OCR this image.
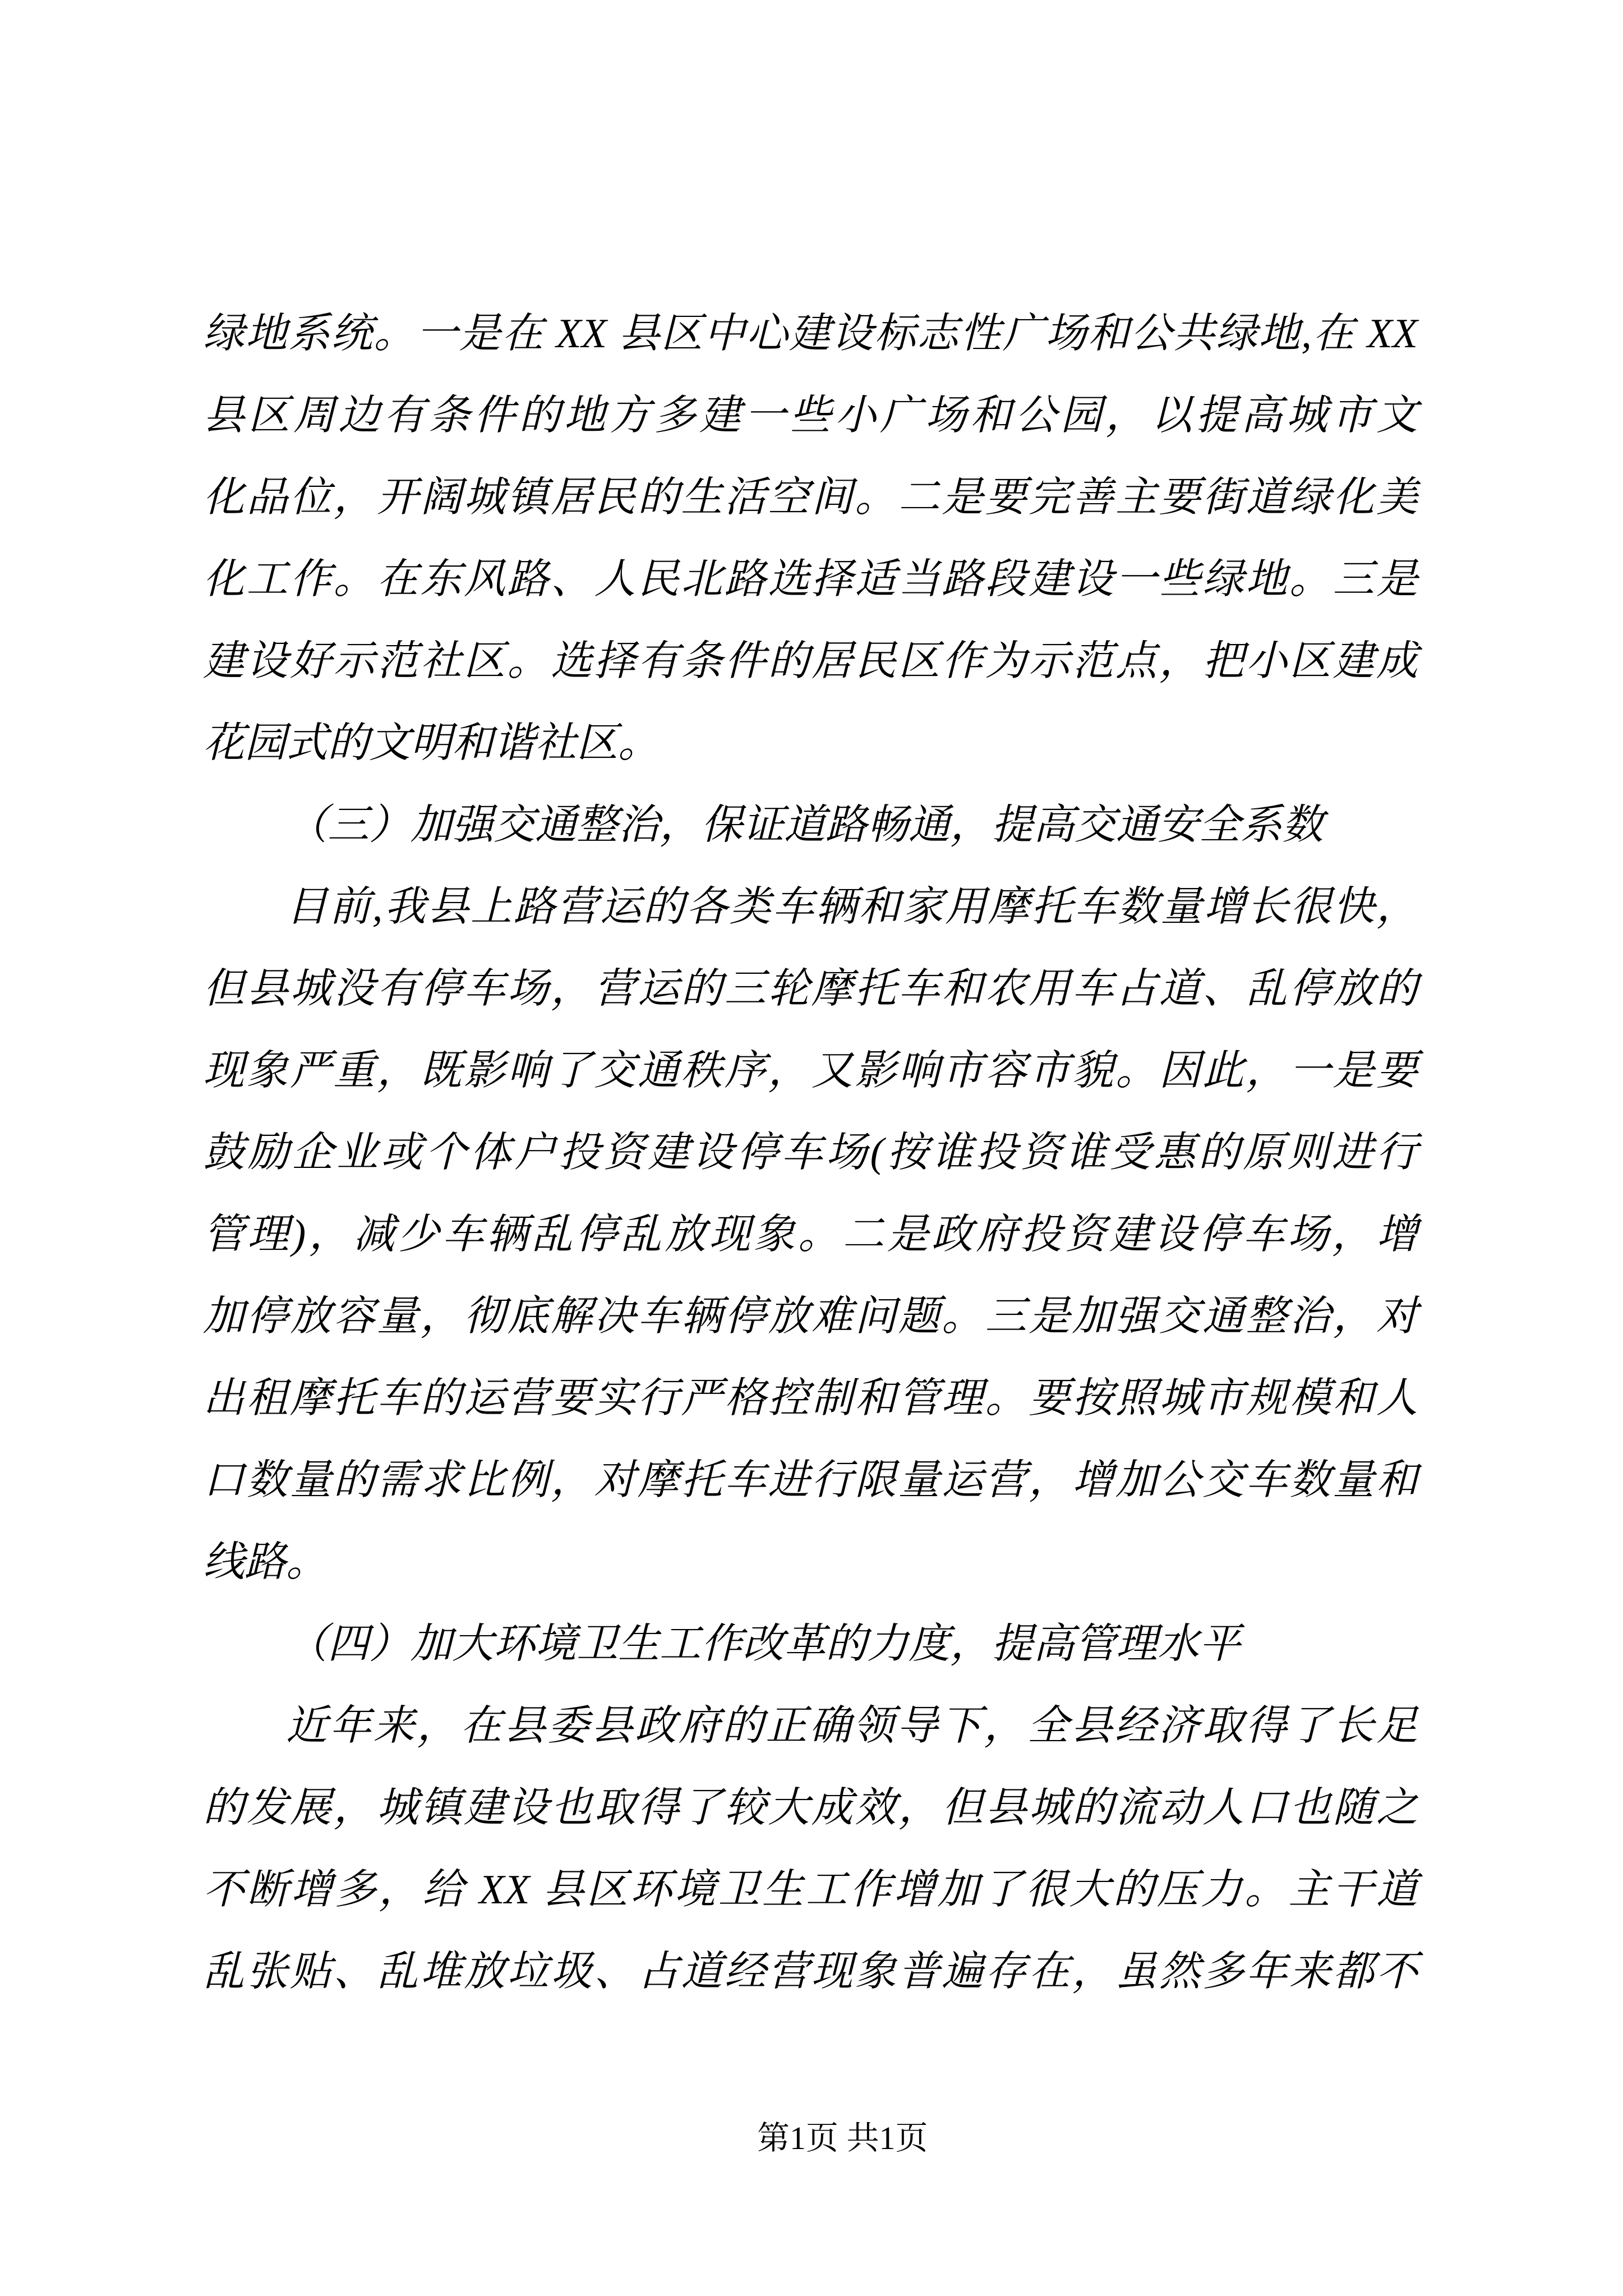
绿地系统。一是在 XX 县区中心建设标志性广场和公共绿地,在 XX
县区周边有条件的地方多建一些小广场和公园，以提高城市文
化品位，开阔城镇居民的生活空间。二是要完善主要街道绿化美
化工作。在东风路、人民北路选择适当路段建设一些绿地。三是
建设好示范社区。选择有条件的居民区作为示范点，把小区建成
花园式的文明和谐社区。
（三）加强交通整治，保证道路畅通，提高交通安全系数
目前,我县上路营运的各类车辆和家用摩托车数量增长很快，
但县城没有停车场，营运的三轮摩托车和农用车占道、乱停放的
现象严重，既影响了交通秩序，又影响市容市貌。因此，一是要
鼓励企业或个体户投资建设停车场(按谁投资谁受惠的原则进行
管理)，减少车辆乱停乱放现象。二是政府投资建设停车场，增
加停放容量，彻底解决车辆停放难问题。三是加强交通整治，对
出租摩托车的运营要实行严格控制和管理。要按照城市规模和人
口数量的需求比例，对摩托车进行限量运营，增加公交车数量和
线路。
（四）加大环境卫生工作改革的力度，提高管理水平
近年来，在县委县政府的正确领导下，全县经济取得了长足
的发展，城镇建设也取得了较大成效，但县城的流动人口也随之
不断增多，给 XX 县区环境卫生工作增加了很大的压力。主干道
乱张贴、乱堆放垃圾、占道经营现象普遍存在，虽然多年来都不
第1页 共1页
